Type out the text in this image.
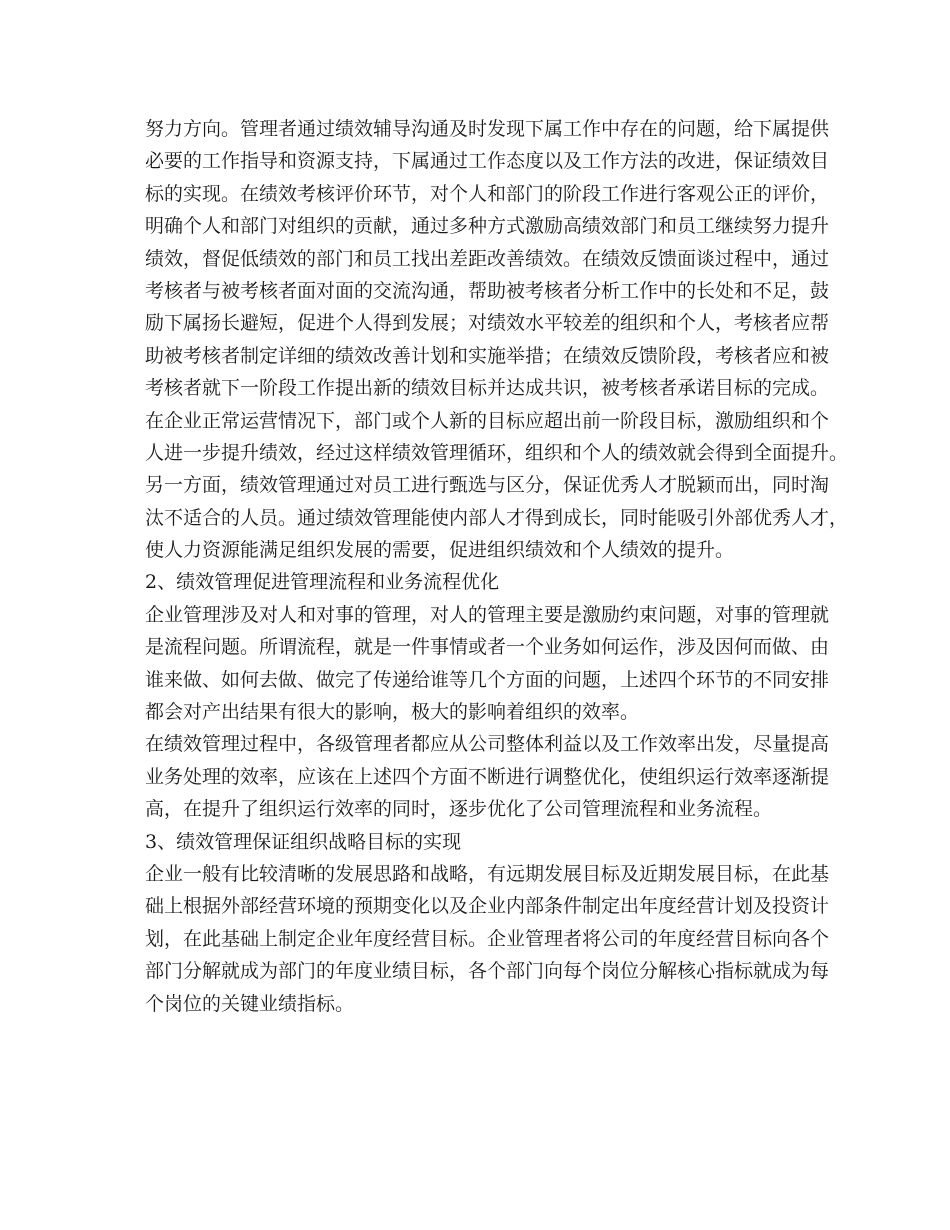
努力方向。管理者通过绩效辅导沟通及时发现下属工作中存在的问题，给下属提供
必要的工作指导和资源支持，下属通过工作态度以及工作方法的改进，保证绩效目
标的实现。在绩效考核评价环节，对个人和部门的阶段工作进行客观公正的评价，
明确个人和部门对组织的贡献，通过多种方式激励高绩效部门和员工继续努力提升
绩效，督促低绩效的部门和员工找出差距改善绩效。在绩效反馈面谈过程中，通过
考核者与被考核者面对面的交流沟通，帮助被考核者分析工作中的长处和不足，鼓
励下属扬长避短，促进个人得到发展；对绩效水平较差的组织和个人，考核者应帮
助被考核者制定详细的绩效改善计划和实施举措；在绩效反馈阶段，考核者应和被
考核者就下一阶段工作提出新的绩效目标并达成共识，被考核者承诺目标的完成。
在企业正常运营情况下，部门或个人新的目标应超出前一阶段目标，激励组织和个
人进一步提升绩效，经过这样绩效管理循环，组织和个人的绩效就会得到全面提升。
另一方面，绩效管理通过对员工进行甄选与区分，保证优秀人才脱颖而出，同时淘
汰不适合的人员。通过绩效管理能使内部人才得到成长，同时能吸引外部优秀人才，
使人力资源能满足组织发展的需要，促进组织绩效和个人绩效的提升。
2、绩效管理促进管理流程和业务流程优化
企业管理涉及对人和对事的管理，对人的管理主要是激励约束问题，对事的管理就
是流程问题。所谓流程，就是一件事情或者一个业务如何运作，涉及因何而做、由
谁来做、如何去做、做完了传递给谁等几个方面的问题，上述四个环节的不同安排
都会对产出结果有很大的影响，极大的影响着组织的效率。
在绩效管理过程中，各级管理者都应从公司整体利益以及工作效率出发，尽量提高
业务处理的效率，应该在上述四个方面不断进行调整优化，使组织运行效率逐渐提
高，在提升了组织运行效率的同时，逐步优化了公司管理流程和业务流程。
3、绩效管理保证组织战略目标的实现
企业一般有比较清晰的发展思路和战略，有远期发展目标及近期发展目标，在此基
础上根据外部经营环境的预期变化以及企业内部条件制定出年度经营计划及投资计
划，在此基础上制定企业年度经营目标。企业管理者将公司的年度经营目标向各个
部门分解就成为部门的年度业绩目标，各个部门向每个岗位分解核心指标就成为每
个岗位的关键业绩指标。
